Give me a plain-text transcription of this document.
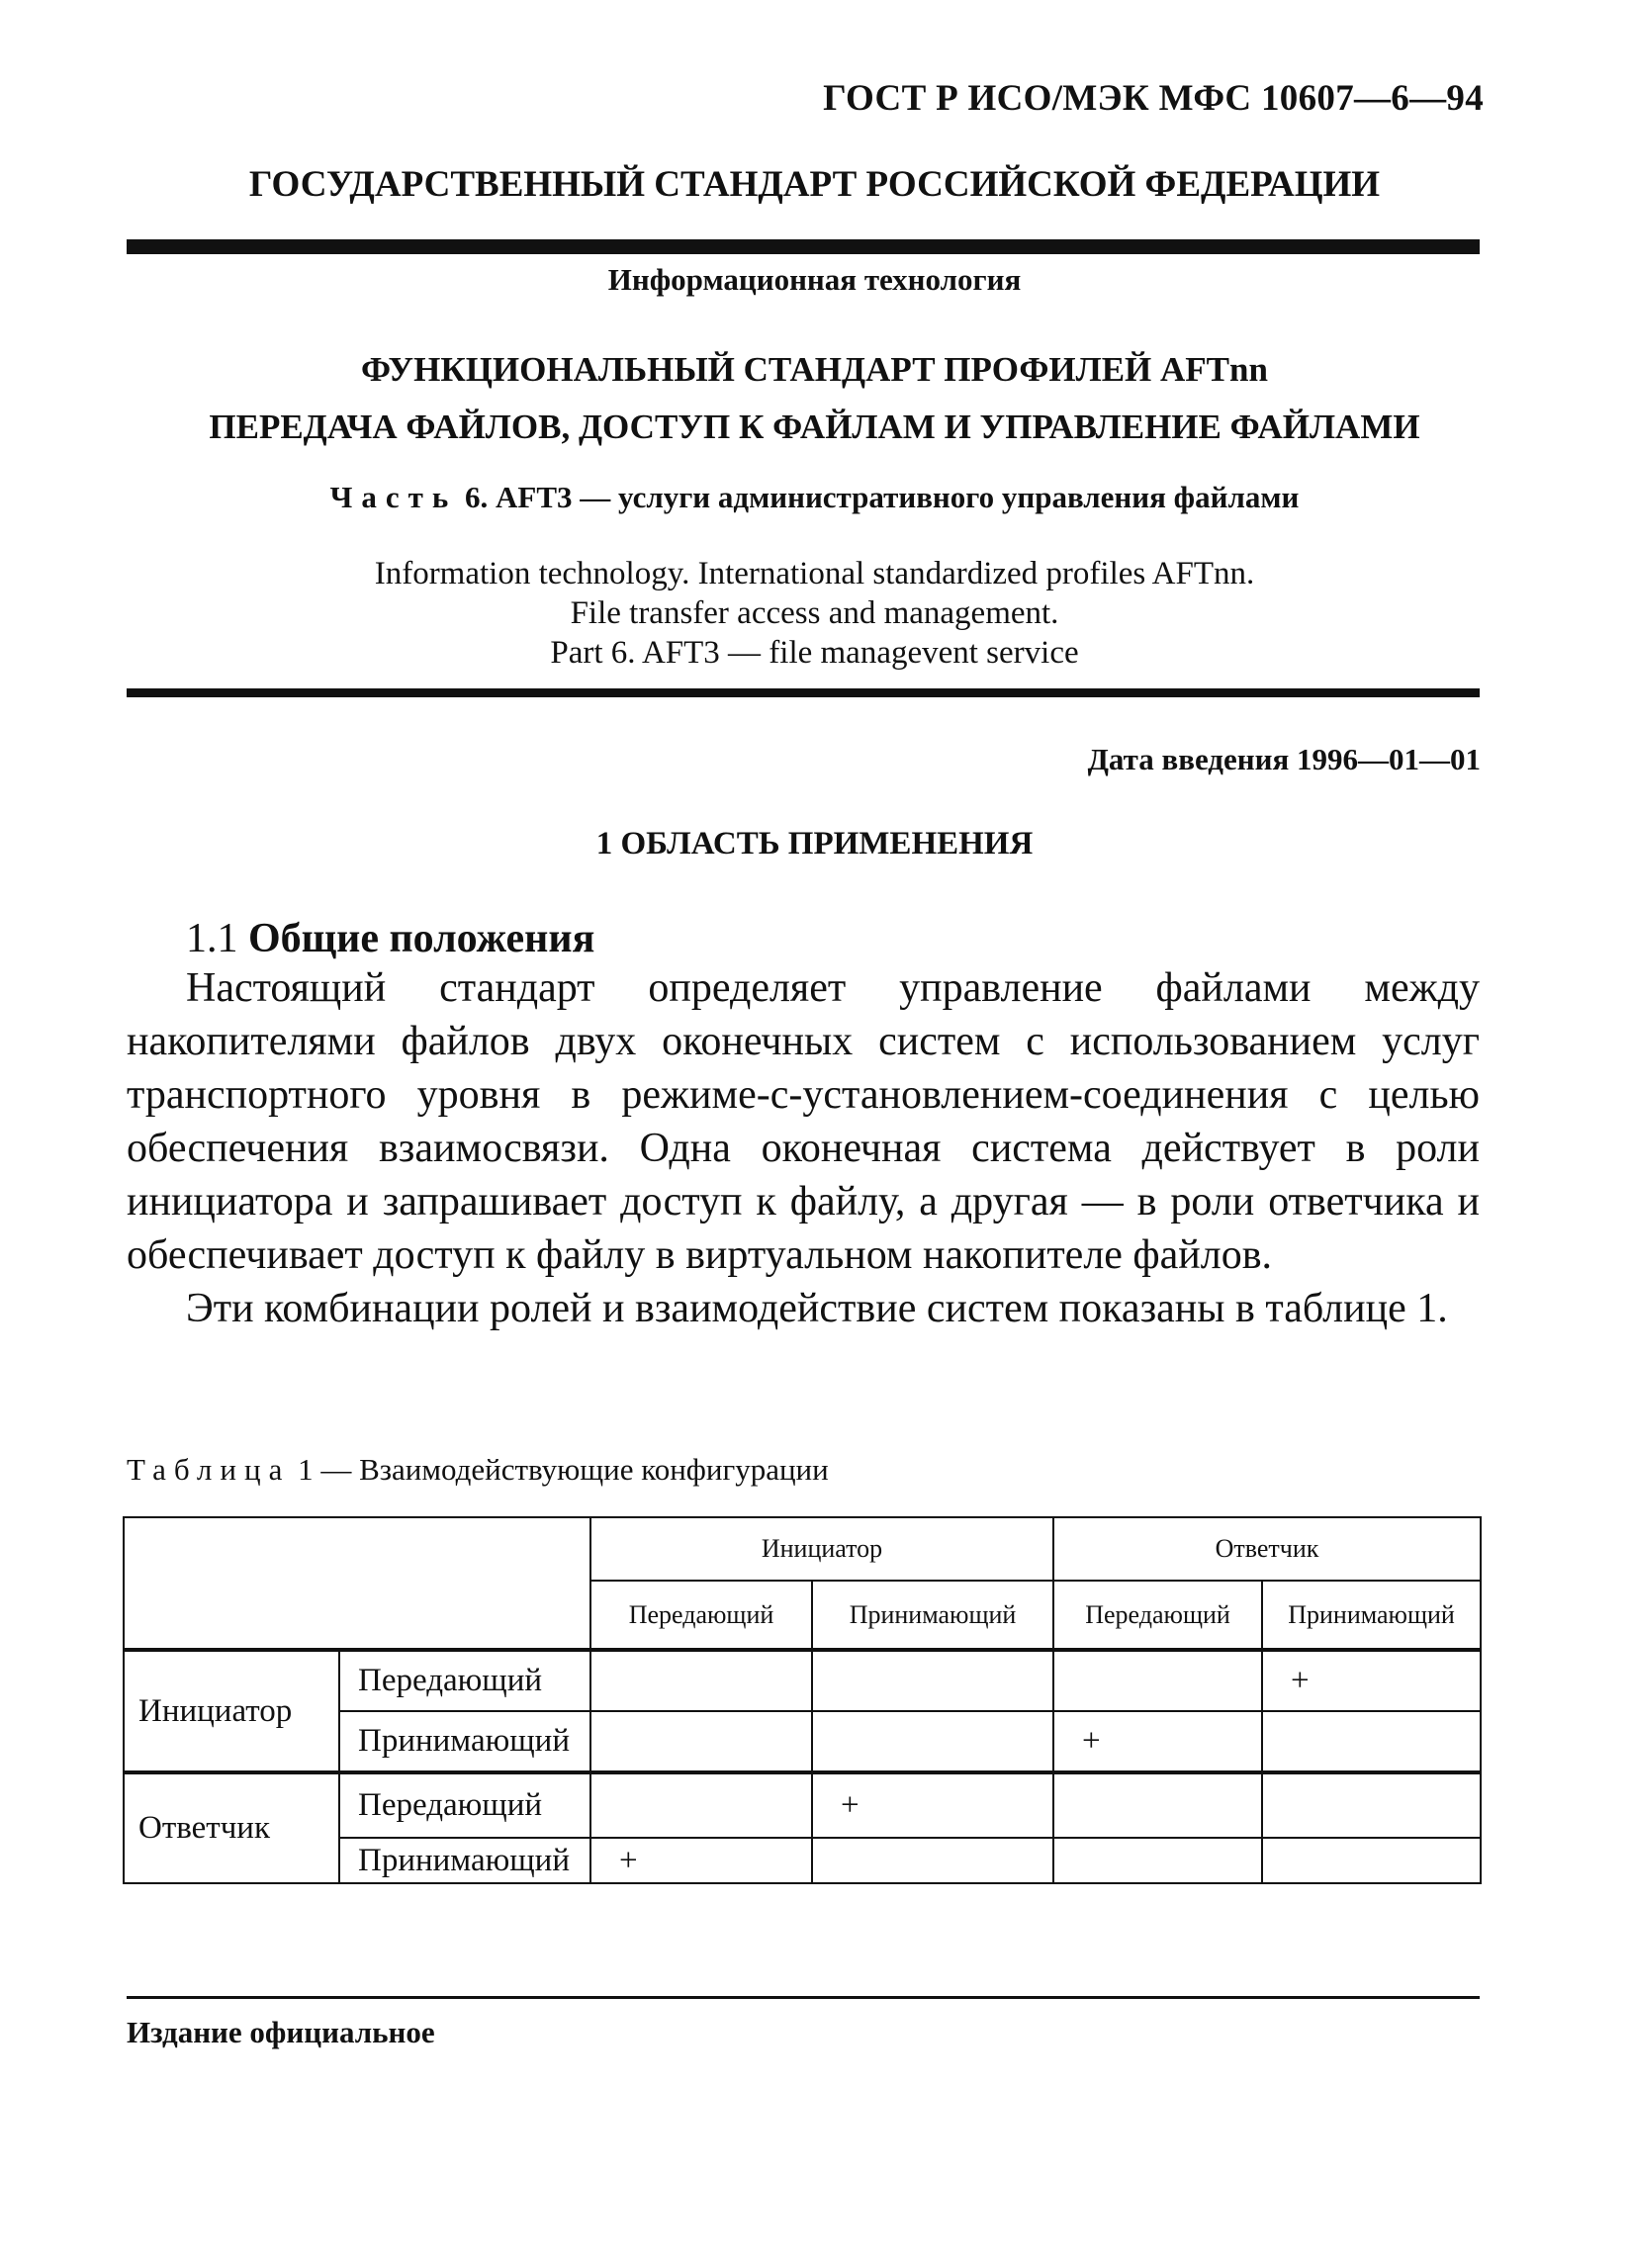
ГОСТ Р ИСО/МЭК МФС 10607—6—94
ГОСУДАРСТВЕННЫЙ СТАНДАРТ РОССИЙСКОЙ ФЕДЕРАЦИИ
Информационная технология
ФУНКЦИОНАЛЬНЫЙ СТАНДАРТ ПРОФИЛЕЙ AFTnn
ПЕРЕДАЧА ФАЙЛОВ, ДОСТУП К ФАЙЛАМ И УПРАВЛЕНИЕ ФАЙЛАМИ
Часть 6. AFT3 — услуги административного управления файлами
Information technology. International standardized profiles AFTnn.
File transfer access and management.
Part 6. AFT3 — file managevent service
Дата введения 1996—01—01
1 ОБЛАСТЬ ПРИМЕНЕНИЯ
1.1 Общие положения

Настоящий стандарт определяет управление файлами между накопителями файлов двух оконечных систем с использованием услуг транспортного уровня в режиме-с-установлением-соединения с целью обеспечения взаимосвязи. Одна оконечная система действует в роли инициатора и запрашивает доступ к файлу, а другая — в роли ответчика и обеспечивает доступ к файлу в виртуальном накопителе файлов.

Эти комбинации ролей и взаимодействие систем показаны в таблице 1.

Таблица 1 — Взаимодействующие конфигурации
		Инициатор		Ответчик	
		Передающий	Принимающий	Передающий	Принимающий
Инициатор	Передающий				+
	Принимающий			+	
Ответчик	Передающий		+		
	Принимающий	+			
Издание официальное
